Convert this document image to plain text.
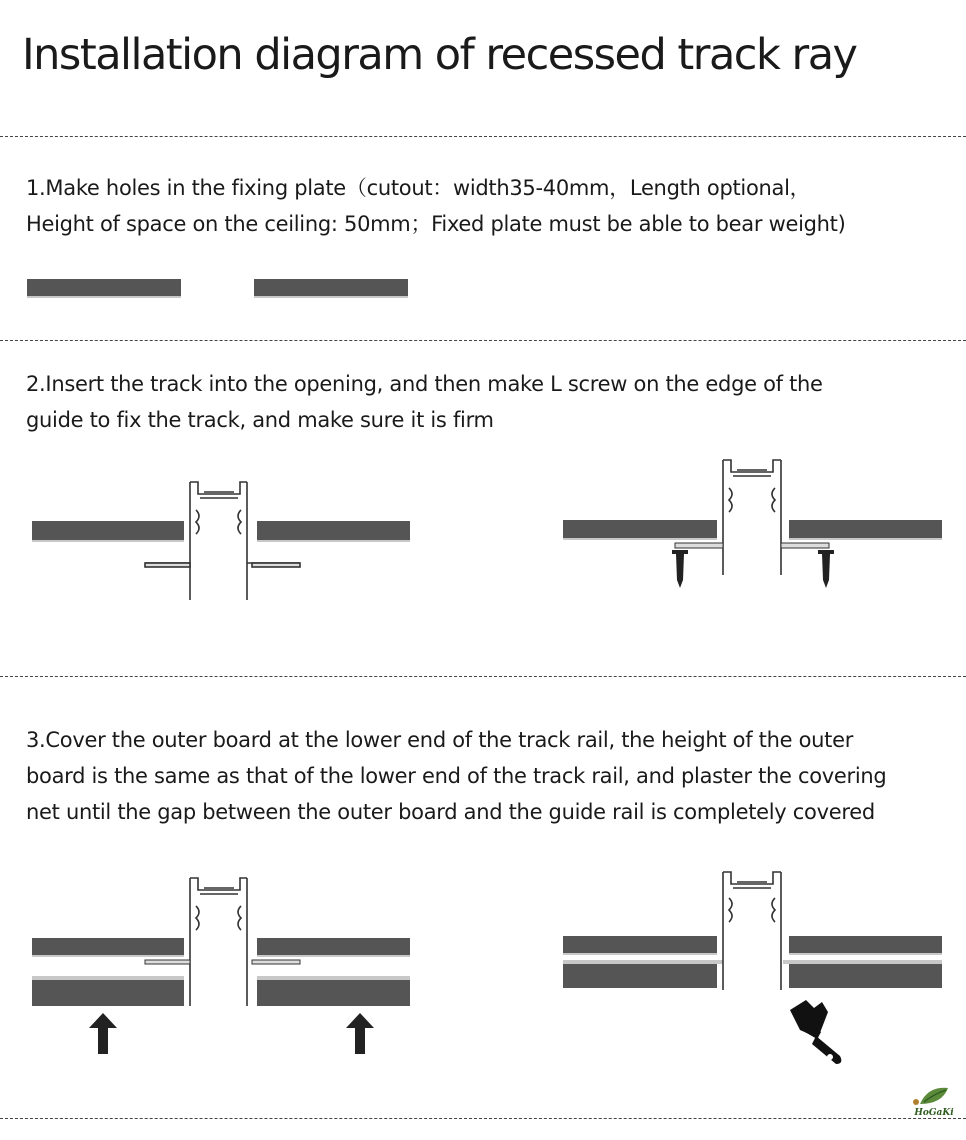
Installation diagram of recessed track ray
1.Make holes in the fixing plate（cutout：width35-40mm，Length optional，
Height of space on the ceiling: 50mm；Fixed plate must be able to bear weight)
2.Insert the track into the opening, and then make L screw on the edge of the
guide to fix the track, and make sure it is firm
3.Cover the outer board at the lower end of the track rail, the height of the outer
board is the same as that of the lower end of the track rail, and plaster the covering
net until the gap between the outer board and the guide rail is completely covered
HoGaKi
